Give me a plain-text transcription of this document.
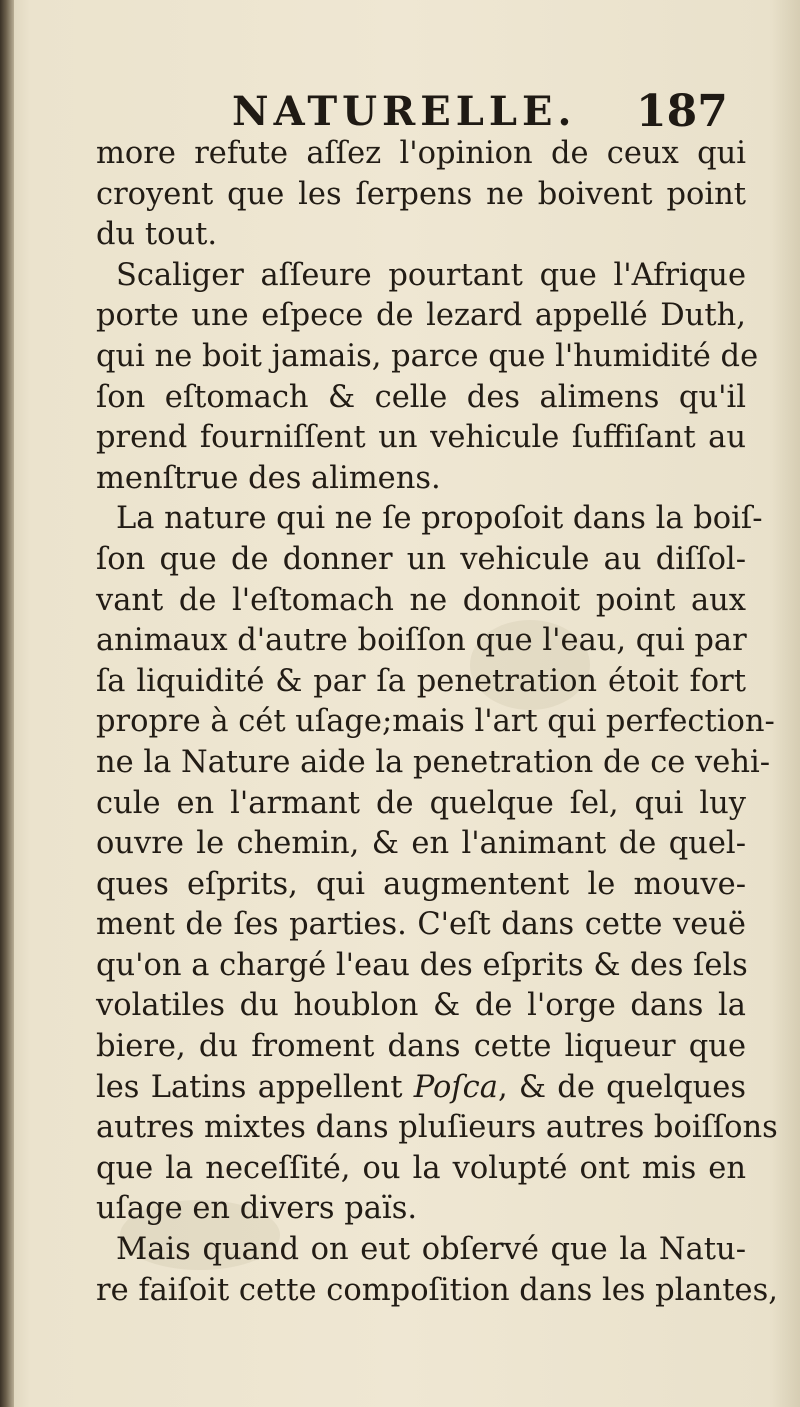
NATURELLE. 187
more refute aſſez l'opinion de ceux qui
croyent que les ſerpens ne boivent point
du tout.
Scaliger aſſeure pourtant que l'Afrique
porte une eſpece de lezard appellé Duth,
qui ne boit jamais, parce que l'humidité de
ſon eſtomach & celle des alimens qu'il
prend fourniſſent un vehicule ſuffiſant au
menſtrue des alimens.
La nature qui ne ſe propoſoit dans la boiſ-
ſon que de donner un vehicule au diſſol-
vant de l'eſtomach ne donnoit point aux
animaux d'autre boiſſon que l'eau, qui par
ſa liquidité & par ſa penetration étoit fort
propre à cét uſage;mais l'art qui perfection-
ne la Nature aide la penetration de ce vehi-
cule en l'armant de quelque ſel, qui luy
ouvre le chemin, & en l'animant de quel-
ques eſprits, qui augmentent le mouve-
ment de ſes parties. C'eſt dans cette veuë
qu'on a chargé l'eau des eſprits & des ſels
volatiles du houblon & de l'orge dans la
biere, du froment dans cette liqueur que
les Latins appellent Poſca, & de quelques
autres mixtes dans pluſieurs autres boiſſons
que la neceſſité, ou la volupté ont mis en
uſage en divers païs.
Mais quand on eut obſervé que la Natu-
re faiſoit cette compoſition dans les plantes,
